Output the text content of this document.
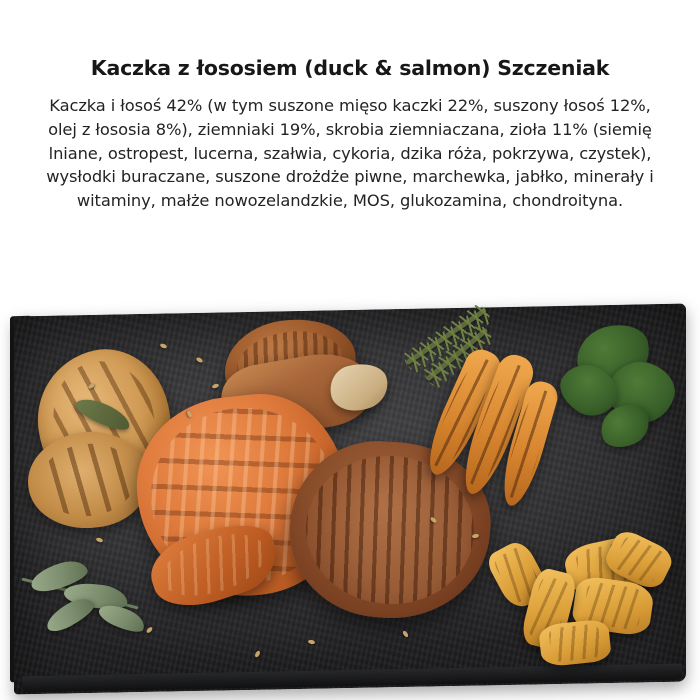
Kaczka z łososiem (duck & salmon) Szczeniak

Kaczka i łosoś 42% (w tym suszone mięso kaczki 22%, suszony łosoś 12%, olej z łososia 8%), ziemniaki 19%, skrobia ziemniaczana, zioła 11% (siemię lniane, ostropest, lucerna, szałwia, cykoria, dzika róża, pokrzywa, czystek), wysłodki buraczane, suszone drożdże piwne, marchewka, jabłko, minerały i witaminy, małże nowozelandzkie, MOS, glukozamina, chondroityna.
